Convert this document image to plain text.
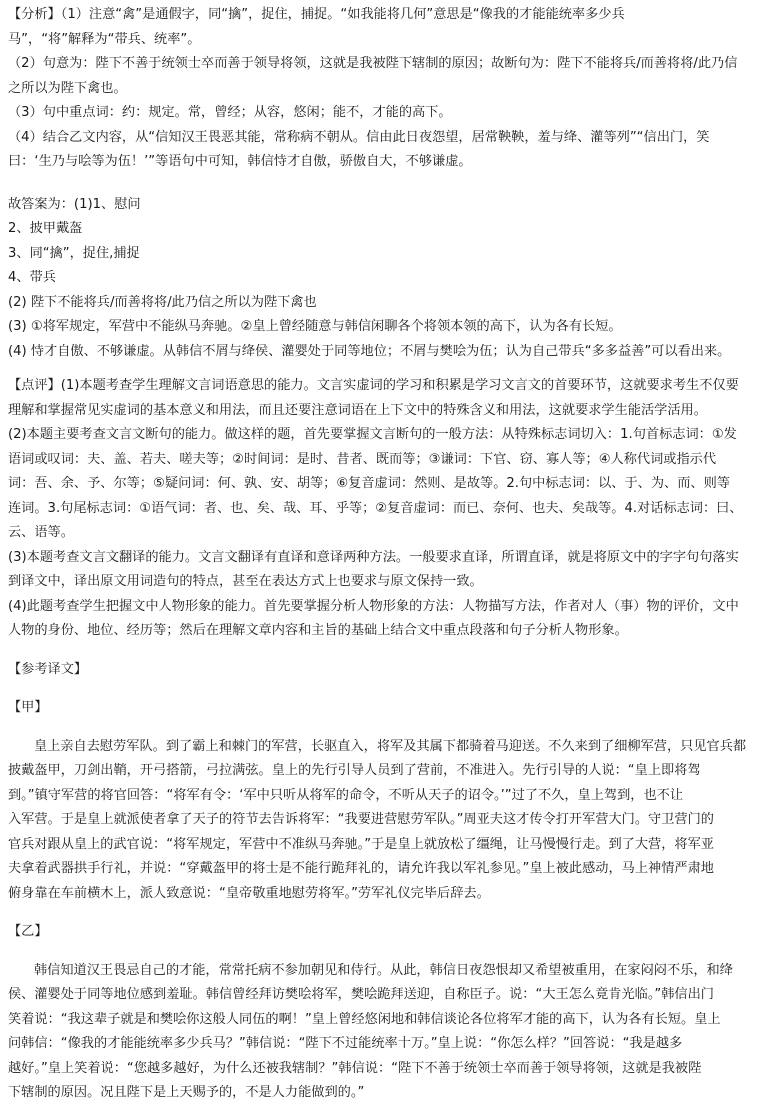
【分析】（1）注意“禽”是通假字，同“擒”，捉住，捕捉。“如我能将几何”意思是“像我的才能能统率多少兵
马”，“将”解释为“带兵、统率”。
（2）句意为：陛下不善于统领士卒而善于领导将领，这就是我被陛下辖制的原因；故断句为：陛下不能将兵/而善将将/此乃信
之所以为陛下禽也。
（3）句中重点词：约：规定。常，曾经；从容，悠闲；能不，才能的高下。
（4）结合乙文内容，从“信知汉王畏恶其能，常称病不朝从。信由此日夜怨望，居常鞅鞅，羞与绛、灌等列”“信出门，笑
曰：‘生乃与哙等为伍！’”等语句中可知，韩信恃才自傲，骄傲自大，不够谦虚。
故答案为：(1)1、慰问
2、披甲戴盔
3、同“擒”，捉住,捕捉
4、带兵
(2) 陛下不能将兵/而善将将/此乃信之所以为陛下禽也
(3) ①将军规定，军营中不能纵马奔驰。②皇上曾经随意与韩信闲聊各个将领本领的高下，认为各有长短。
(4) 恃才自傲、不够谦虚。从韩信不屑与绛侯、灌婴处于同等地位；不屑与樊哙为伍；认为自己带兵“多多益善”可以看出来。
【点评】(1)本题考查学生理解文言词语意思的能力。文言实虚词的学习和积累是学习文言文的首要环节，这就要求考生不仅要
理解和掌握常见实虚词的基本意义和用法，而且还要注意词语在上下文中的特殊含义和用法，这就要求学生能活学活用。
(2)本题主要考查文言文断句的能力。做这样的题，首先要掌握文言断句的一般方法：从特殊标志词切入：1.句首标志词：①发
语词或叹词：夫、盖、若夫、嗟夫等；②时间词：是时、昔者、既而等；③谦词：下官、窃、寡人等；④人称代词或指示代
词：吾、余、予、尔等；⑤疑问词：何、孰、安、胡等；⑥复音虚词：然则、是故等。2.句中标志词：以、于、为、而、则等
连词。3.句尾标志词：①语气词：者、也、矣、哉、耳、乎等；②复音虚词：而已、奈何、也夫、矣哉等。4.对话标志词：曰、
云、语等。
(3)本题考查文言文翻译的能力。文言文翻译有直译和意译两种方法。一般要求直译，所谓直译，就是将原文中的字字句句落实
到译文中，译出原文用词造句的特点，甚至在表达方式上也要求与原文保持一致。
(4)此题考查学生把握文中人物形象的能力。首先要掌握分析人物形象的方法：人物描写方法，作者对人（事）物的评价，文中
人物的身份、地位、经历等；然后在理解文章内容和主旨的基础上结合文中重点段落和句子分析人物形象。
【参考译文】
【甲】
皇上亲自去慰劳军队。到了霸上和棘门的军营，长驱直入，将军及其属下都骑着马迎送。不久来到了细柳军营，只见官兵都
披戴盔甲，刀剑出鞘，开弓搭箭，弓拉满弦。皇上的先行引导人员到了营前，不准进入。先行引导的人说：“皇上即将驾
到。”镇守军营的将官回答：“将军有令：‘军中只听从将军的命令，不听从天子的诏令。’”过了不久，皇上驾到，也不让
入军营。于是皇上就派使者拿了天子的符节去告诉将军：“我要进营慰劳军队。”周亚夫这才传令打开军营大门。守卫营门的
官兵对跟从皇上的武官说：“将军规定，军营中不准纵马奔驰。”于是皇上就放松了缰绳，让马慢慢行走。到了大营，将军亚
夫拿着武器拱手行礼，并说：“穿戴盔甲的将士是不能行跪拜礼的，请允许我以军礼参见。”皇上被此感动，马上神情严肃地
俯身靠在车前横木上，派人致意说：“皇帝敬重地慰劳将军。”劳军礼仪完毕后辞去。
【乙】
韩信知道汉王畏忌自己的才能，常常托病不参加朝见和侍行。从此，韩信日夜怨恨却又希望被重用，在家闷闷不乐，和绛
侯、灌婴处于同等地位感到羞耻。韩信曾经拜访樊哙将军，樊哙跪拜送迎，自称臣子。说：“大王怎么竟肯光临。”韩信出门
笑着说：“我这辈子就是和樊哙你这般人同伍的啊！”皇上曾经悠闲地和韩信谈论各位将军才能的高下，认为各有长短。皇上
问韩信：“像我的才能能统率多少兵马？”韩信说：“陛下不过能统率十万。”皇上说：“你怎么样？”回答说：“我是越多
越好。”皇上笑着说：“您越多越好，为什么还被我辖制？”韩信说：“陛下不善于统领士卒而善于领导将领，这就是我被陛
下辖制的原因。况且陛下是上天赐予的，不是人力能做到的。”
